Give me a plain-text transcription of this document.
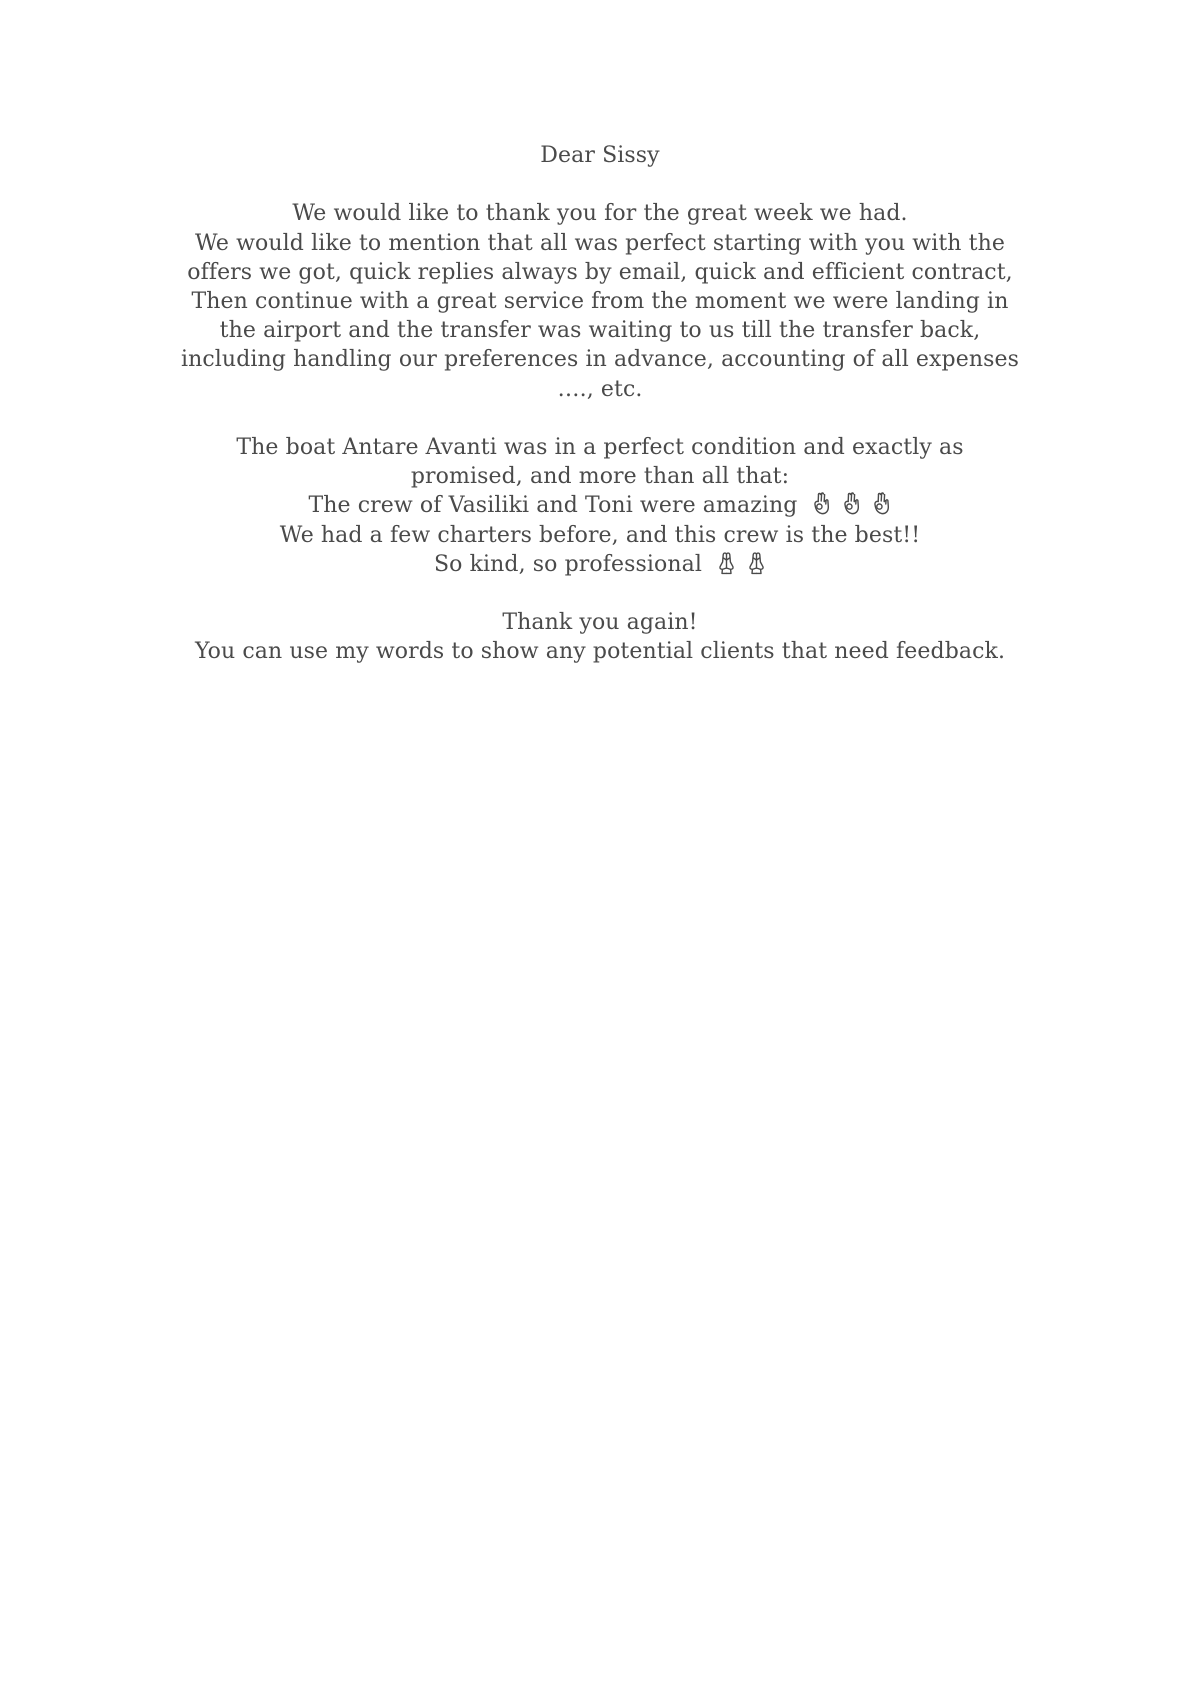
Dear Sissy
We would like to thank you for the great week we had.
We would like to mention that all was perfect starting with you with the
offers we got, quick replies always by email, quick and efficient contract,
Then continue with a great service from the moment we were landing in
the airport and the transfer was waiting to us till the transfer back,
including handling our preferences in advance, accounting of all expenses
…., etc.
The boat Antare Avanti was in a perfect condition and exactly as
promised, and more than all that:
The crew of Vasiliki and Toni were amazing
We had a few charters before, and this crew is the best!!
So kind, so professional
Thank you again!
You can use my words to show any potential clients that need feedback.
